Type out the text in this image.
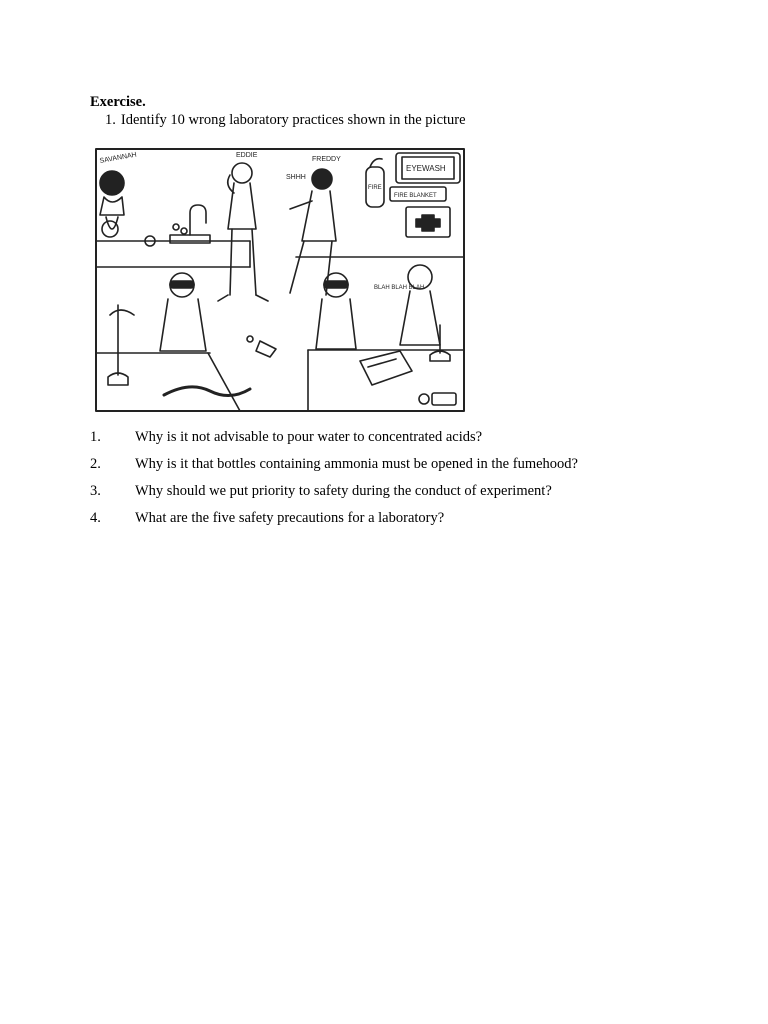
Exercise.
1. Identify 10 wrong laboratory practices shown in the picture
SAVANNAH	EDDIE
FREDDY
SHHH
FIRE
EYEWASH
FIRE BLANKET
BLAH BLAH BLAH
1. Why is it not advisable to pour water to concentrated acids?
2. Why is it that bottles containing ammonia must be opened in the fumehood?
3. Why should we put priority to safety during the conduct of experiment?
4. What are the five safety precautions for a laboratory?
